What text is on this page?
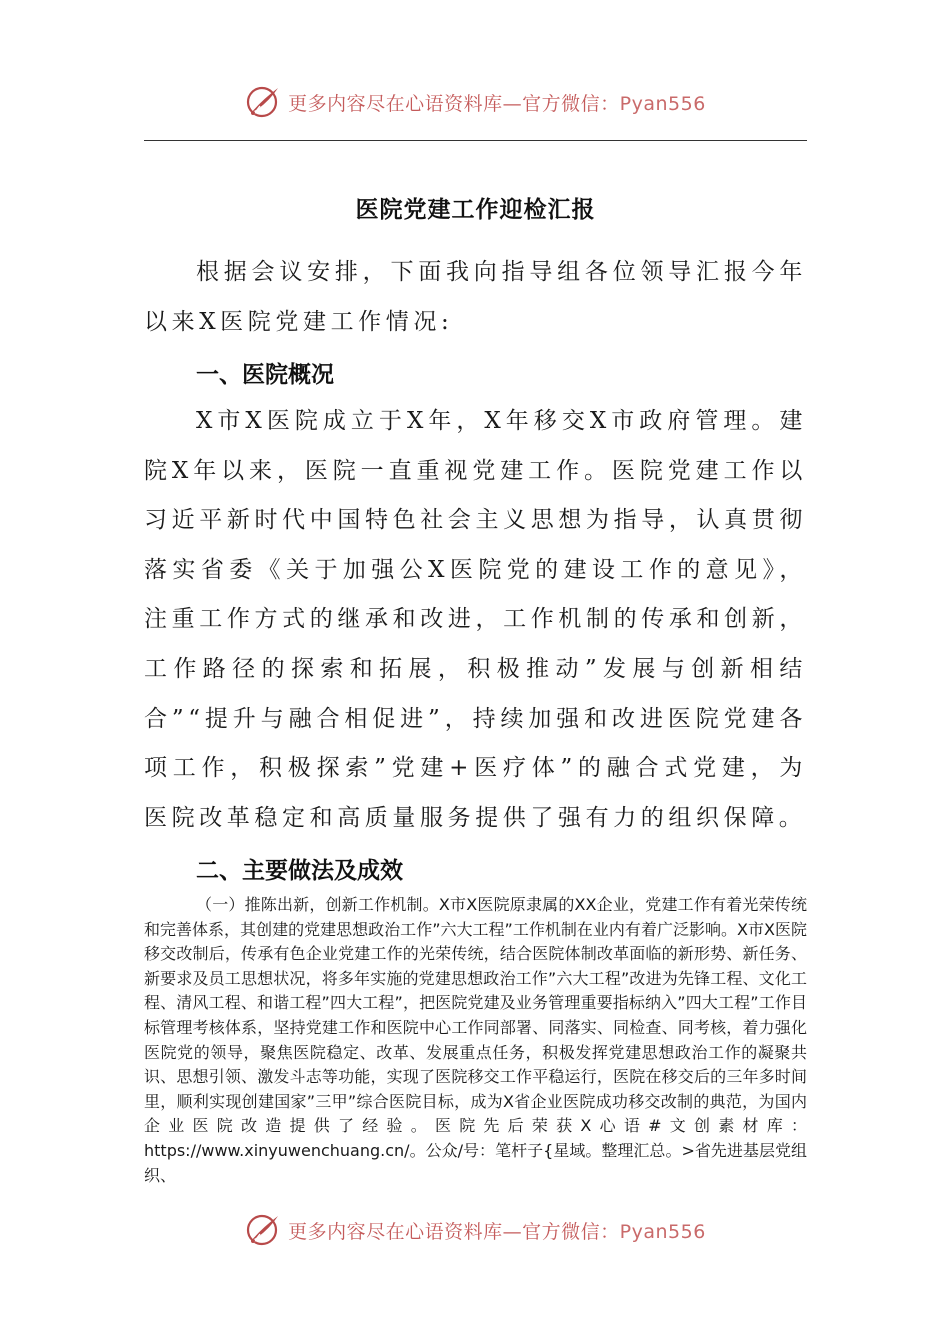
更多内容尽在心语资料库—官方微信：Pyan556
医院党建工作迎检汇报

根据会议安排，下面我向指导组各位领导汇报今年以来X医院党建工作情况:

一、医院概况

X市X医院成立于X年，X年移交X市政府管理。建院X年以来，医院一直重视党建工作。医院党建工作以习近平新时代中国特色社会主义思想为指导，认真贯彻落实省委《关于加强公X医院党的建设工作的意见》，注重工作方式的继承和改进，工作机制的传承和创新，工作路径的探索和拓展，积极推动”发展与创新相结合”“提升与融合相促进”，持续加强和改进医院党建各项工作，积极探索”党建+医疗体”的融合式党建，为医院改革稳定和高质量服务提供了强有力的组织保障。

二、主要做法及成效

（一）推陈出新，创新工作机制。X市X医院原隶属的XX企业，党建工作有着光荣传统和完善体系，其创建的党建思想政治工作”六大工程”工作机制在业内有着广泛影响。X市X医院移交改制后，传承有色企业党建工作的光荣传统，结合医院体制改革面临的新形势、新任务、新要求及员工思想状况，将多年实施的党建思想政治工作”六大工程”改进为先锋工程、文化工程、清风工程、和谐工程”四大工程”，把医院党建及业务管理重要指标纳入”四大工程”工作目标管理考核体系，坚持党建工作和医院中心工作同部署、同落实、同检查、同考核，着力强化医院党的领导，聚焦医院稳定、改革、发展重点任务，积极发挥党建思想政治工作的凝聚共识、思想引领、激发斗志等功能，实现了医院移交工作平稳运行，医院在移交后的三年多时间里，顺利实现创建国家”三甲”综合医院目标，成为X省企业医院成功移交改制的典范，为国内企业医院改造提供了经验。医院先后荣获X心语#文创素材库：https://www.xinyuwenchuang.cn/。公众/号：笔杆子{星域。整理汇总。>省先进基层党组织、

更多内容尽在心语资料库—官方微信：Pyan556
